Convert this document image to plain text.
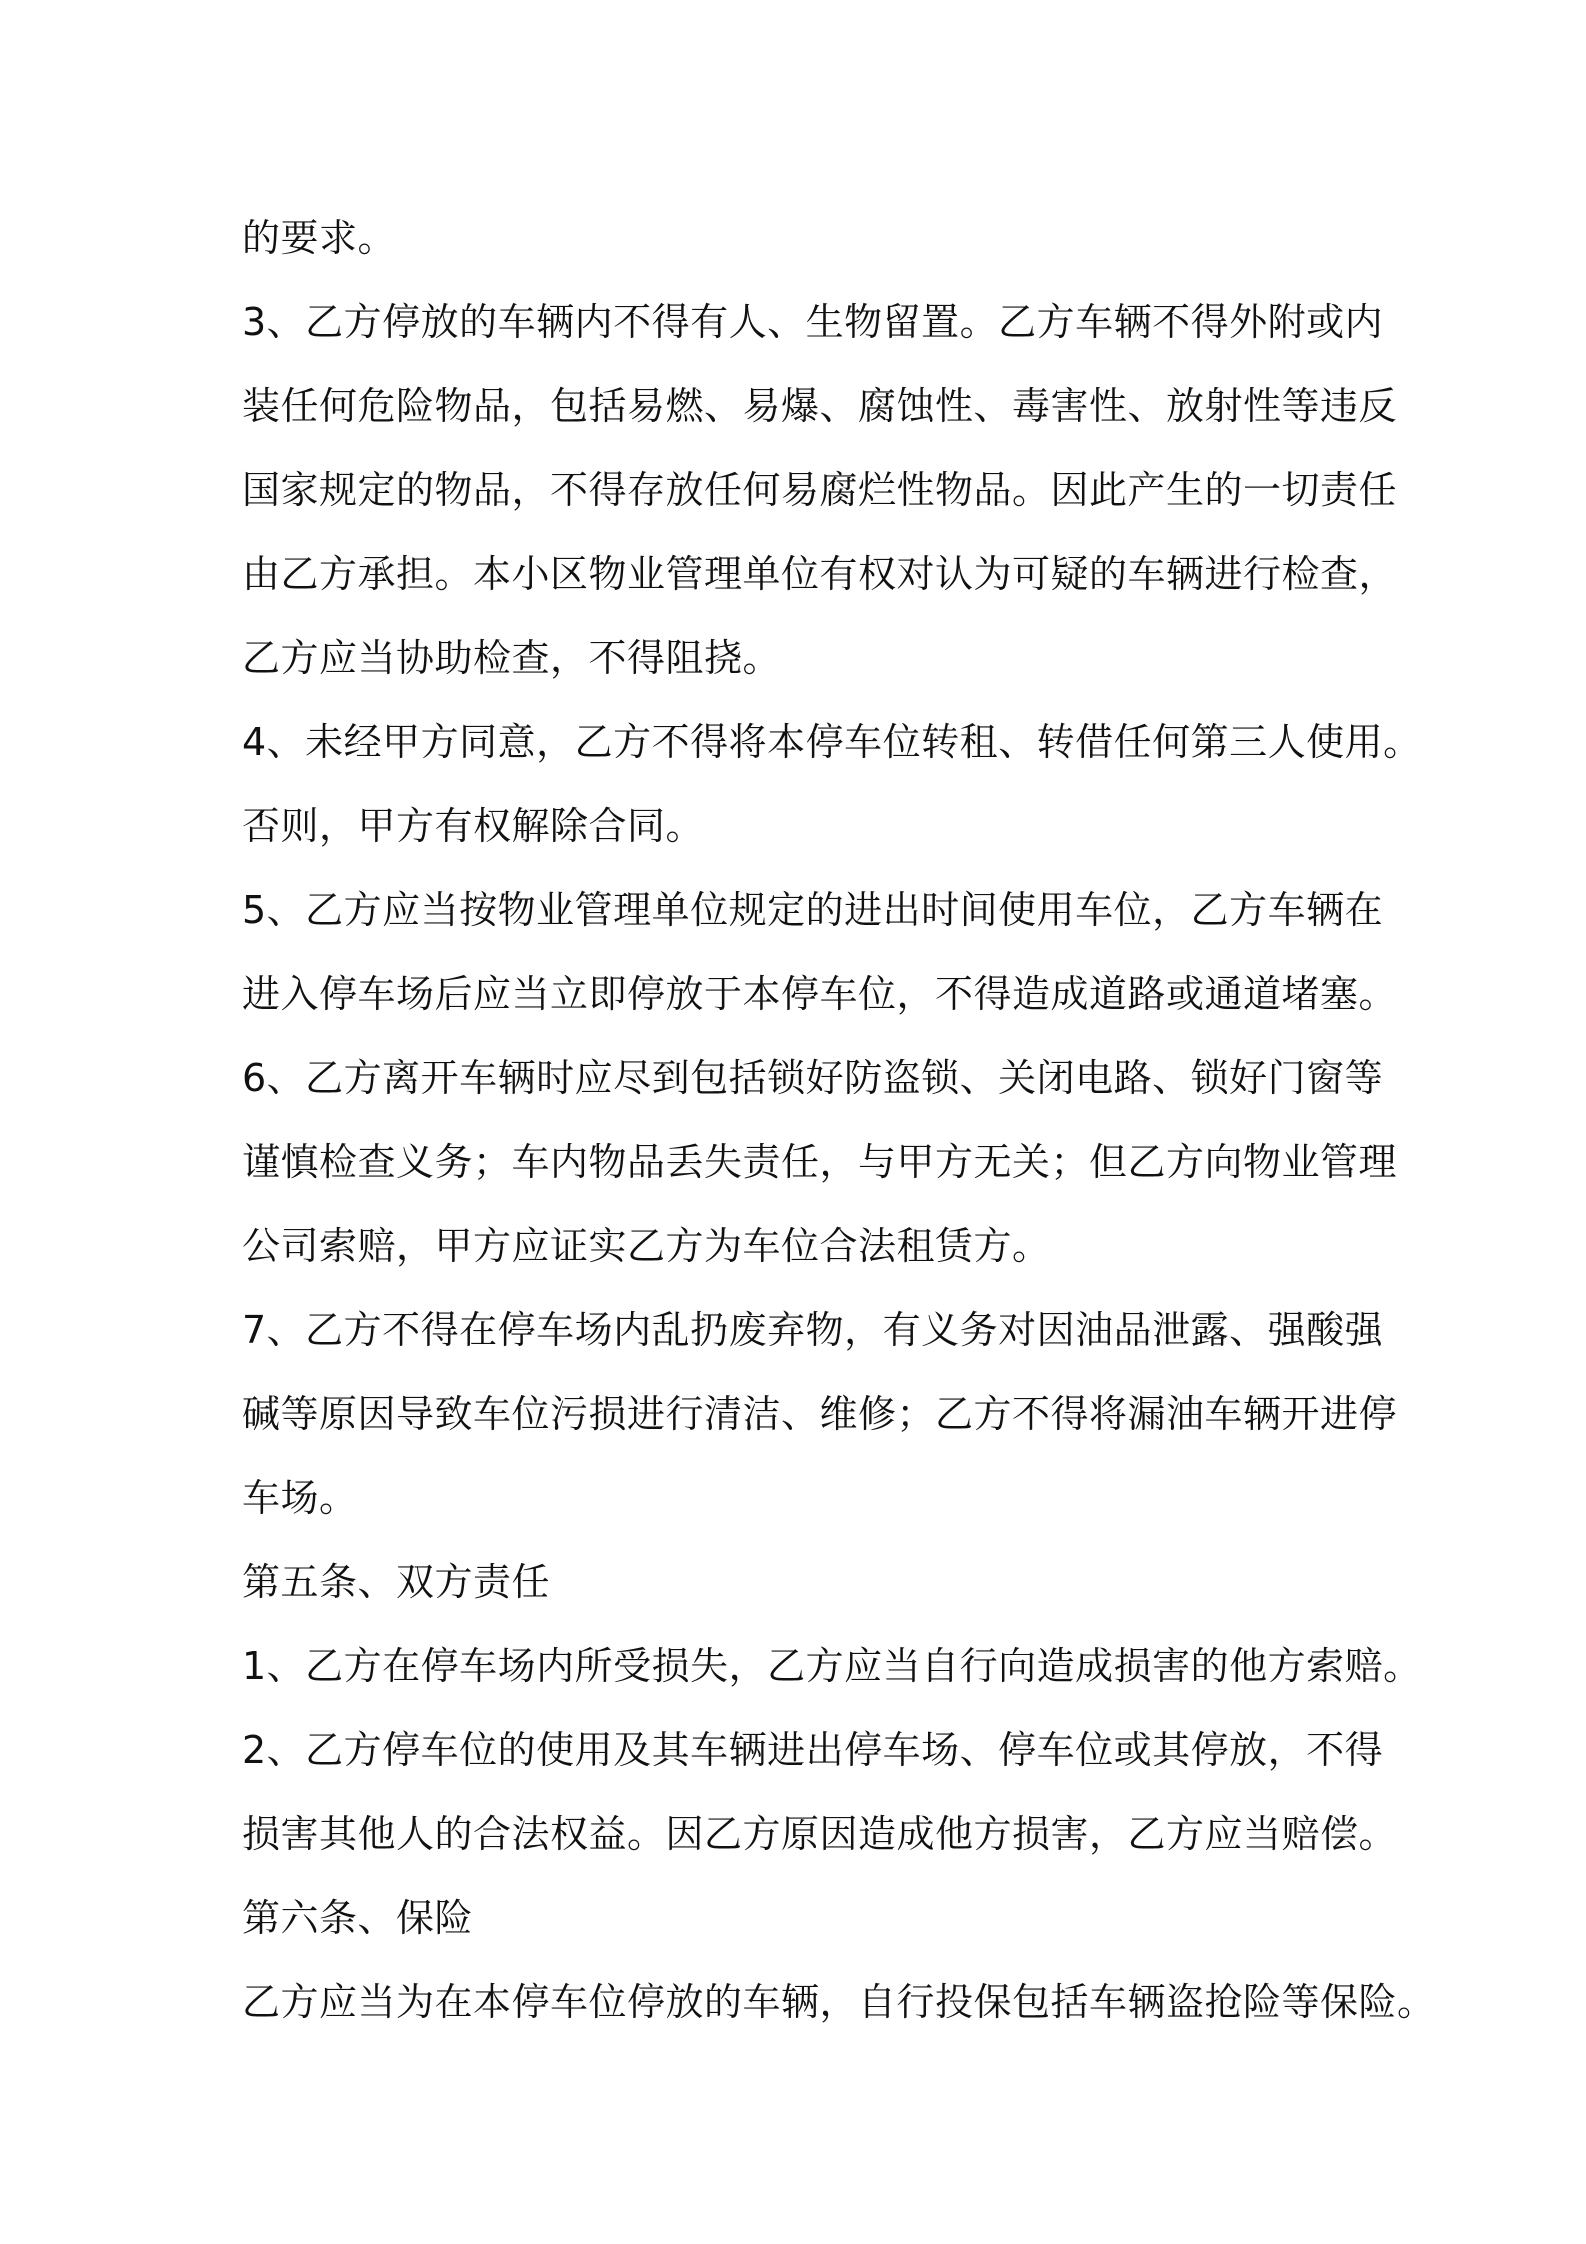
的要求。
3、乙方停放的车辆内不得有人、生物留置。乙方车辆不得外附或内
装任何危险物品，包括易燃、易爆、腐蚀性、毒害性、放射性等违反
国家规定的物品，不得存放任何易腐烂性物品。因此产生的一切责任
由乙方承担。本小区物业管理单位有权对认为可疑的车辆进行检查，
乙方应当协助检查，不得阻挠。
4、未经甲方同意，乙方不得将本停车位转租、转借任何第三人使用。
否则，甲方有权解除合同。
5、乙方应当按物业管理单位规定的进出时间使用车位，乙方车辆在
进入停车场后应当立即停放于本停车位，不得造成道路或通道堵塞。
6、乙方离开车辆时应尽到包括锁好防盗锁、关闭电路、锁好门窗等
谨慎检查义务；车内物品丢失责任，与甲方无关；但乙方向物业管理
公司索赔，甲方应证实乙方为车位合法租赁方。
7、乙方不得在停车场内乱扔废弃物，有义务对因油品泄露、强酸强
碱等原因导致车位污损进行清洁、维修；乙方不得将漏油车辆开进停
车场。
第五条、双方责任
1、乙方在停车场内所受损失，乙方应当自行向造成损害的他方索赔。
2、乙方停车位的使用及其车辆进出停车场、停车位或其停放，不得
损害其他人的合法权益。因乙方原因造成他方损害，乙方应当赔偿。
第六条、保险
乙方应当为在本停车位停放的车辆，自行投保包括车辆盗抢险等保险。
